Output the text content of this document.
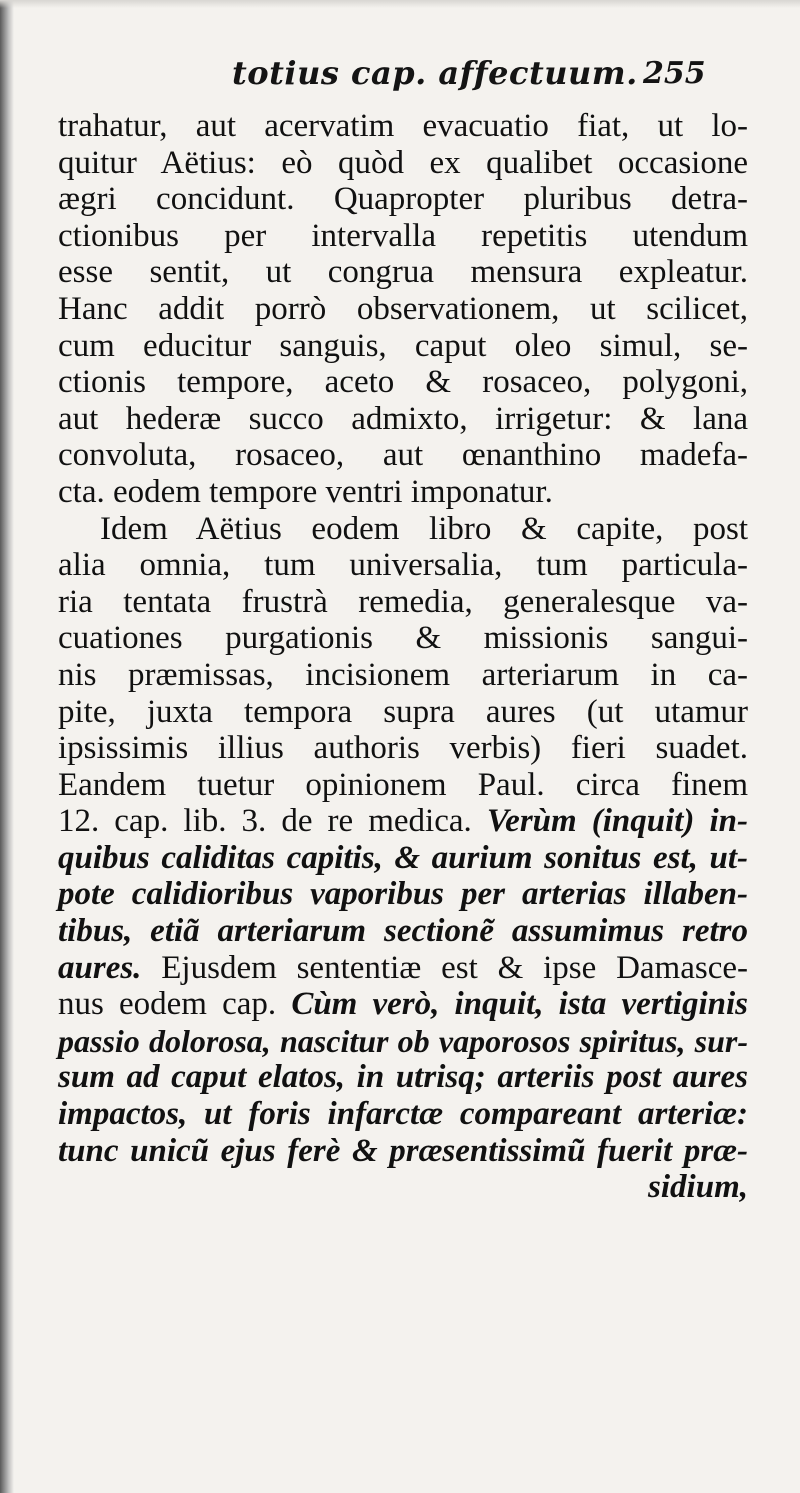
totius cap. affectuum. 255
trahatur, aut acervatim evacuatio fiat, ut lo-
quitur Aëtius: eò quòd ex qualibet occasione
ægri concidunt. Quapropter pluribus detra-
ctionibus per intervalla repetitis utendum
esse sentit, ut congrua mensura expleatur.
Hanc addit porrò observationem, ut scilicet,
cum educitur sanguis, caput oleo simul, se-
ctionis tempore, aceto & rosaceo, polygoni,
aut hederæ succo admixto, irrigetur: & lana
convoluta, rosaceo, aut œnanthino madefa-
cta. eodem tempore ventri imponatur.
Idem Aëtius eodem libro & capite, post
alia omnia, tum universalia, tum particula-
ria tentata frustrà remedia, generalesque va-
cuationes purgationis & missionis sangui-
nis præmissas, incisionem arteriarum in ca-
pite, juxta tempora supra aures (ut utamur
ipsissimis illius authoris verbis) fieri suadet.
Eandem tuetur opinionem Paul. circa finem
12. cap. lib. 3. de re medica. Verùm (inquit) in-
quibus caliditas capitis, & aurium sonitus est, ut-
pote calidioribus vaporibus per arterias illaben-
tibus, etiã arteriarum sectionẽ assumimus retro
aures. Ejusdem sententiæ est & ipse Damasce-
nus eodem cap. Cùm verò, inquit, ista vertiginis
passio dolorosa, nascitur ob vaporosos spiritus, sur-
sum ad caput elatos, in utrisq; arteriis post aures
impactos, ut foris infarctæ compareant arteriæ:
tunc unicũ ejus ferè & præsentissimũ fuerit præ-
sidium,
